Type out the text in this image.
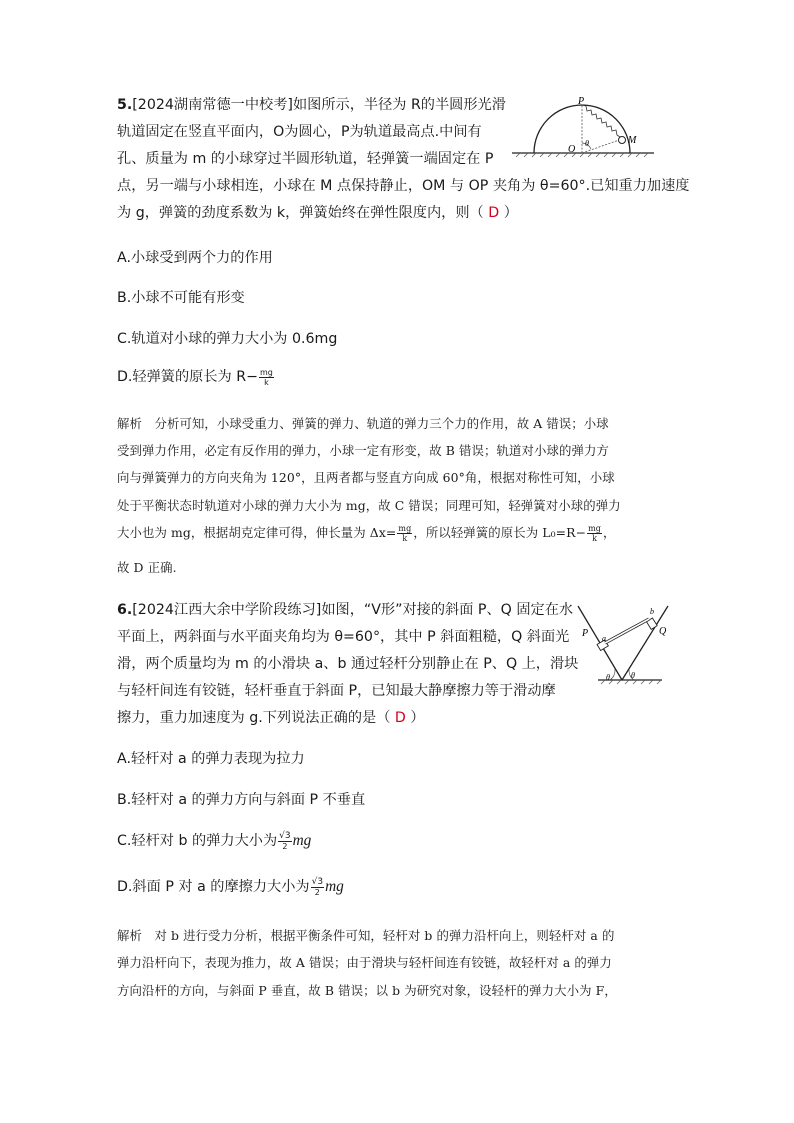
5.[2024湖南常德一中校考]如图所示，半径为 R的半圆形光滑
轨道固定在竖直平面内，O为圆心，P为轨道最高点.中间有
孔、质量为 m 的小球穿过半圆形轨道，轻弹簧一端固定在 P
点，另一端与小球相连，小球在 M 点保持静止，OM 与 OP 夹角为 θ=60°.已知重力加速度
为 g，弹簧的劲度系数为 k，弹簧始终在弹性限度内，则（ D ）
P
O
M
θ
A.小球受到两个力的作用
B.小球不可能有形变
C.轨道对小球的弹力大小为 0.6mg
D.轻弹簧的原长为 $R- \frac{mg}{k}$
解析　分析可知，小球受重力、弹簧的弹力、轨道的弹力三个力的作用，故 A 错误；小球
受到弹力作用，必定有反作用的弹力，小球一定有形变，故 B 错误；轨道对小球的弹力方
向与弹簧弹力的方向夹角为 120°，且两者都与竖直方向成 60°角，根据对称性可知，小球
处于平衡状态时轨道对小球的弹力大小为 mg，故 C 错误；同理可知，轻弹簧对小球的弹力
大小也为 mg，根据胡克定律可得，伸长量为 $\Delta x= \frac{mg}{k}$ ，所以轻弹簧的原长为 $L_0=R- \frac{mg}{k}$ ，
故 D 正确.
6.[2024江西大余中学阶段练习]如图，“V形”对接的斜面 P、Q 固定在水
平面上，两斜面与水平面夹角均为 θ=60°，其中 P 斜面粗糙，Q 斜面光
滑，两个质量均为 m 的小滑块 a、b 通过轻杆分别静止在 P、Q 上，滑块
与轻杆间连有铰链，轻杆垂直于斜面 P，已知最大静摩擦力等于滑动摩
擦力，重力加速度为 g.下列说法正确的是（ D ）
P	Q
a
b
θ	θ
A.轻杆对 a 的弹力表现为拉力
B.轻杆对 a 的弹力方向与斜面 P 不垂直
C.轻杆对 b 的弹力大小为 $\frac{√3}{2}$ mg
D.斜面 P 对 a 的摩擦力大小为 $\frac{√3}{2}$ mg
解析　对 b 进行受力分析，根据平衡条件可知，轻杆对 b 的弹力沿杆向上，则轻杆对 a 的
弹力沿杆向下，表现为推力，故 A 错误；由于滑块与轻杆间连有铰链，故轻杆对 a 的弹力
方向沿杆的方向，与斜面 P 垂直，故 B 错误；以 b 为研究对象，设轻杆的弹力大小为 F，
